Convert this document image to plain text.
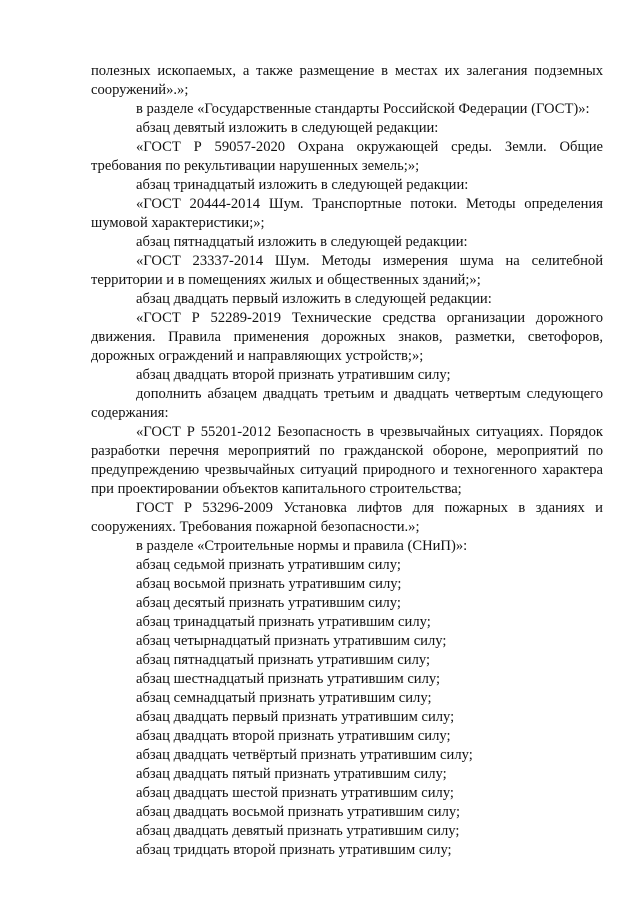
полезных ископаемых, а также размещение в местах их залегания подземных сооружений».»;

в разделе «Государственные стандарты Российской Федерации (ГОСТ)»:

абзац девятый изложить в следующей редакции:

«ГОСТ Р 59057-2020 Охрана окружающей среды. Земли. Общие требования по рекультивации нарушенных земель;»;

абзац тринадцатый изложить в следующей редакции:

«ГОСТ 20444-2014 Шум. Транспортные потоки. Методы определения шумовой характеристики;»;

абзац пятнадцатый изложить в следующей редакции:

«ГОСТ 23337-2014 Шум. Методы измерения шума на селитебной территории и в помещениях жилых и общественных зданий;»;

абзац двадцать первый изложить в следующей редакции:

«ГОСТ Р 52289-2019 Технические средства организации дорожного движения. Правила применения дорожных знаков, разметки, светофоров, дорожных ограждений и направляющих устройств;»;

абзац двадцать второй признать утратившим силу;

дополнить абзацем двадцать третьим и двадцать четвертым следующего содержания:

«ГОСТ Р 55201-2012 Безопасность в чрезвычайных ситуациях. Порядок разработки перечня мероприятий по гражданской обороне, мероприятий по предупреждению чрезвычайных ситуаций природного и техногенного характера при проектировании объектов капитального строительства;

ГОСТ Р 53296-2009 Установка лифтов для пожарных в зданиях и сооружениях. Требования пожарной безопасности.»;

в разделе «Строительные нормы и правила (СНиП)»:

абзац седьмой признать утратившим силу;

абзац восьмой признать утратившим силу;

абзац десятый признать утратившим силу;

абзац тринадцатый признать утратившим силу;

абзац четырнадцатый признать утратившим силу;

абзац пятнадцатый признать утратившим силу;

абзац шестнадцатый признать утратившим силу;

абзац семнадцатый признать утратившим силу;

абзац двадцать первый признать утратившим силу;

абзац двадцать второй признать утратившим силу;

абзац двадцать четвёртый признать утратившим силу;

абзац двадцать пятый признать утратившим силу;

абзац двадцать шестой признать утратившим силу;

абзац двадцать восьмой признать утратившим силу;

абзац двадцать девятый признать утратившим силу;

абзац тридцать второй признать утратившим силу;
